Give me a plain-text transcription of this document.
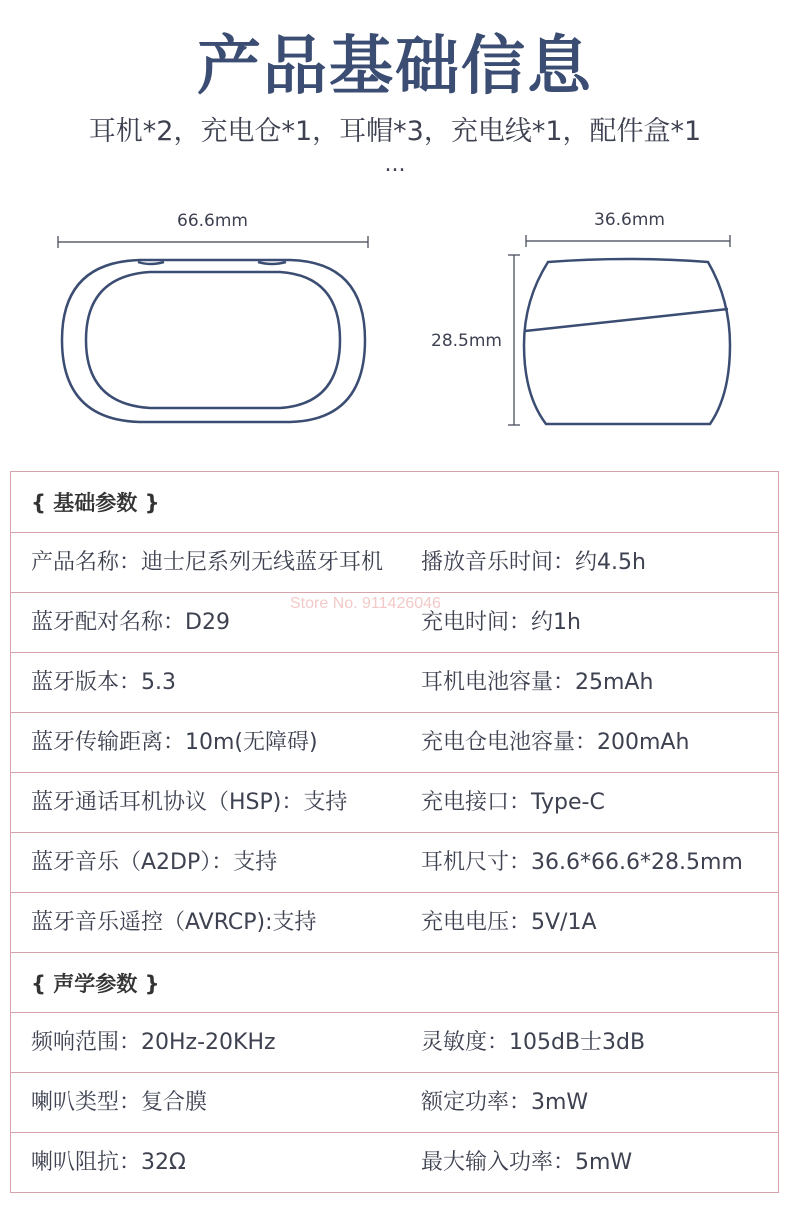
产品基础信息
耳机*2，充电仓*1，耳帽*3，充电线*1，配件盒*1
...
66.6mm	36.6mm
28.5mm
{ 基础参数 }
产品名称：迪士尼系列无线蓝牙耳机	播放音乐时间：约4.5h
蓝牙配对名称：D29	充电时间：约1h
蓝牙版本：5.3	耳机电池容量：25mAh
蓝牙传输距离：10m(无障碍)	充电仓电池容量：200mAh
蓝牙通话耳机协议（HSP)：支持	充电接口：Type-C
蓝牙音乐（A2DP）：支持	耳机尺寸：36.6*66.6*28.5mm
蓝牙音乐遥控（AVRCP):支持	充电电压：5V/1A
{ 声学参数 }
频响范围：20Hz-20KHz	灵敏度：105dB士3dB
喇叭类型：复合膜	额定功率：3mW
喇叭阻抗：32Ω	最大输入功率：5mW
Store No. 911426046
